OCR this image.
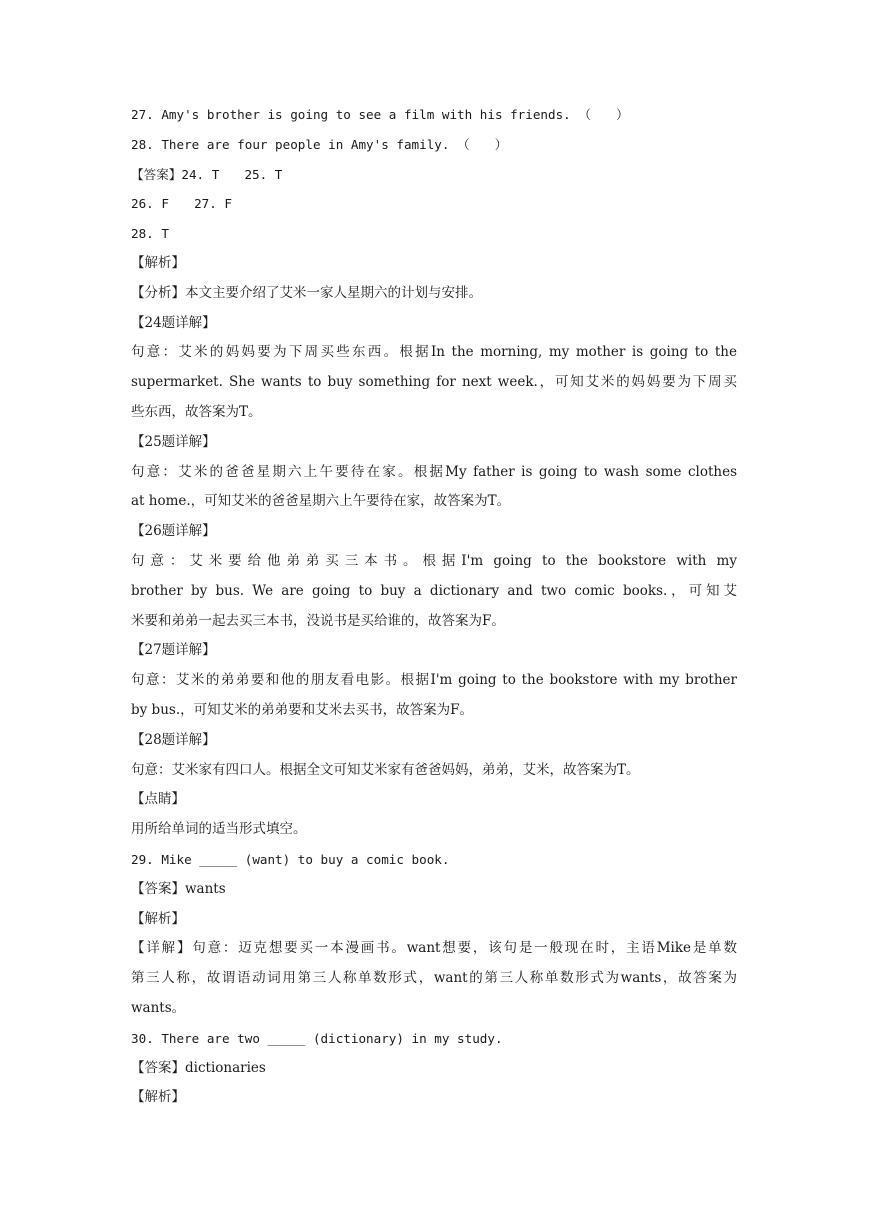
27. Amy's brother is going to see a film with his friends. （　　）
28. There are four people in Amy's family. （　　）
【答案】24. T　　25. T
26. F　　27. F
28. T
【解析】
【分析】本文主要介绍了艾米一家人星期六的计划与安排。
【24题详解】
句意：艾米的妈妈要为下周买些东西。根据In the morning, my mother is going to the
supermarket. She wants to buy something for next week.，可知艾米的妈妈要为下周买
些东西，故答案为T。
【25题详解】
句意：艾米的爸爸星期六上午要待在家。根据My father is going to wash some clothes
at home.，可知艾米的爸爸星期六上午要待在家，故答案为T。
【26题详解】
句意：艾米要给他弟弟买三本书。根据I'm going to the bookstore with my
brother by bus. We are going to buy a dictionary and two comic books.，可知艾
米要和弟弟一起去买三本书，没说书是买给谁的，故答案为F。
【27题详解】
句意：艾米的弟弟要和他的朋友看电影。根据I'm going to the bookstore with my brother
by bus.，可知艾米的弟弟要和艾米去买书，故答案为F。
【28题详解】
句意：艾米家有四口人。根据全文可知艾米家有爸爸妈妈，弟弟，艾米，故答案为T。
【点睛】
用所给单词的适当形式填空。
29. Mike _____ (want) to buy a comic book.
【答案】wants
【解析】
【详解】句意：迈克想要买一本漫画书。want想要，该句是一般现在时，主语Mike是单数
第三人称，故谓语动词用第三人称单数形式，want的第三人称单数形式为wants，故答案为
wants。
30. There are two _____ (dictionary) in my study.
【答案】dictionaries
【解析】
